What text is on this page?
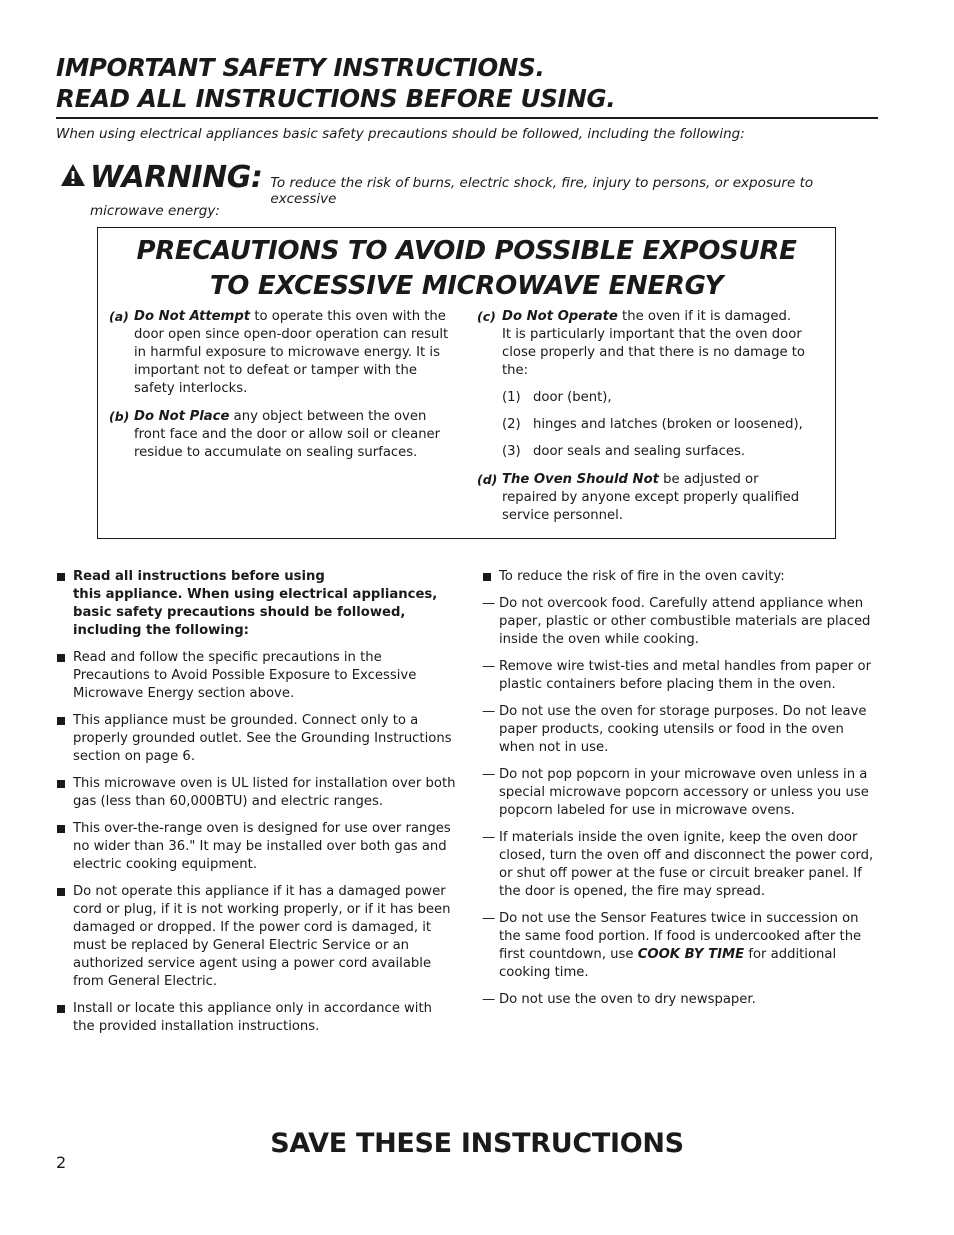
IMPORTANT SAFETY INSTRUCTIONS.
READ ALL INSTRUCTIONS BEFORE USING.
When using electrical appliances basic safety precautions should be followed, including the following:
WARNING: To reduce the risk of burns, electric shock, fire, injury to persons, or exposure to excessive
microwave energy:
PRECAUTIONS TO AVOID POSSIBLE EXPOSURE
TO EXCESSIVE MICROWAVE ENERGY
(a) Do Not Attempt to operate this oven with the door open since open-door operation can result in harmful exposure to microwave energy. It is important not to defeat or tamper with the safety interlocks.
(b) Do Not Place any object between the oven front face and the door or allow soil or cleaner residue to accumulate on sealing surfaces.
(c) Do Not Operate the oven if it is damaged.
It is particularly important that the oven door close properly and that there is no damage to the:
(1) door (bent),
(2) hinges and latches (broken or loosened),
(3) door seals and sealing surfaces.
(d) The Oven Should Not be adjusted or repaired by anyone except properly qualified service personnel.
Read all instructions before using
this appliance. When using electrical appliances, basic safety precautions should be followed, including the following:
Read and follow the specific precautions in the Precautions to Avoid Possible Exposure to Excessive Microwave Energy section above.
This appliance must be grounded. Connect only to a properly grounded outlet. See the Grounding Instructions section on page 6.
This microwave oven is UL listed for installation over both gas (less than 60,000BTU) and electric ranges.
This over-the-range oven is designed for use over ranges no wider than 36." It may be installed over both gas and electric cooking equipment.
Do not operate this appliance if it has a damaged power cord or plug, if it is not working properly, or if it has been damaged or dropped. If the power cord is damaged, it must be replaced by General Electric Service or an authorized service agent using a power cord available from General Electric.
Install or locate this appliance only in accordance with the provided installation instructions.
To reduce the risk of fire in the oven cavity:
— Do not overcook food. Carefully attend appliance when paper, plastic or other combustible materials are placed inside the oven while cooking.
— Remove wire twist-ties and metal handles from paper or plastic containers before placing them in the oven.
— Do not use the oven for storage purposes. Do not leave paper products, cooking utensils or food in the oven when not in use.
— Do not pop popcorn in your microwave oven unless in a special microwave popcorn accessory or unless you use popcorn labeled for use in microwave ovens.
— If materials inside the oven ignite, keep the oven door closed, turn the oven off and disconnect the power cord, or shut off power at the fuse or circuit breaker panel. If the door is opened, the fire may spread.
— Do not use the Sensor Features twice in succession on the same food portion. If food is undercooked after the first countdown, use COOK BY TIME for additional cooking time.
— Do not use the oven to dry newspaper.
SAVE THESE INSTRUCTIONS
2
